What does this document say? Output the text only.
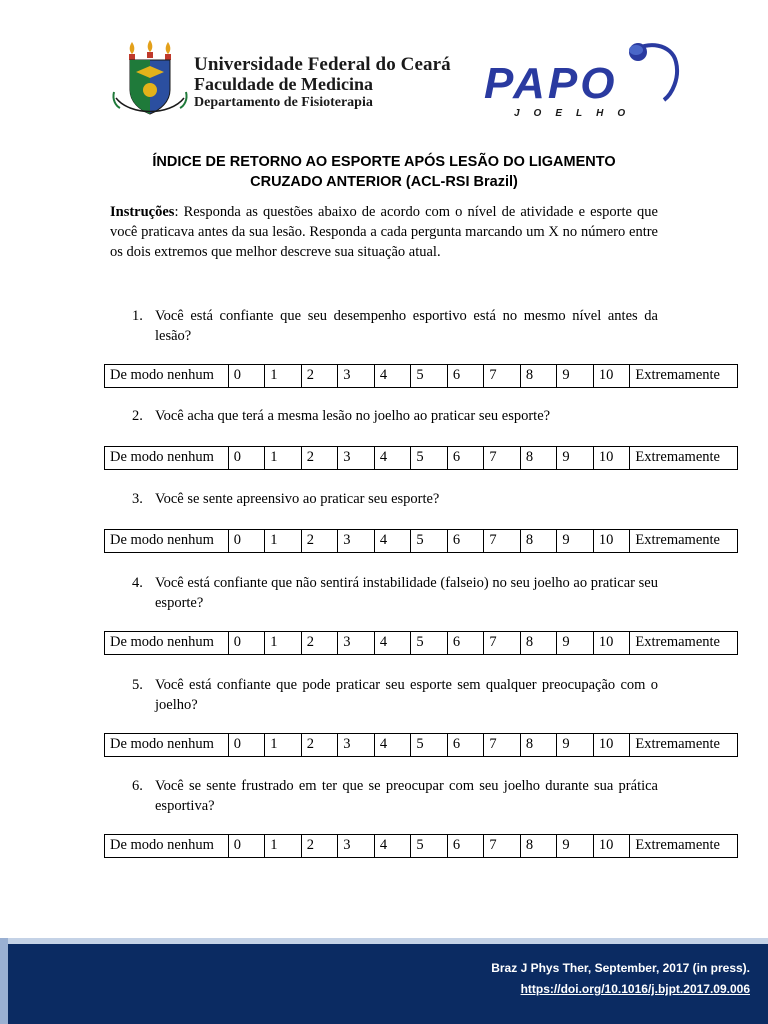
Universidade Federal do Ceará
Faculdade de Medicina
Departamento de Fisioterapia	PAPO
JOELHO
ÍNDICE DE RETORNO AO ESPORTE APÓS LESÃO DO LIGAMENTO
CRUZADO ANTERIOR (ACL-RSI Brazil)
Instruções: Responda as questões abaixo de acordo com o nível de atividade e esporte que você praticava antes da sua lesão. Responda a cada pergunta marcando um X no número entre os dois extremos que melhor descreve sua situação atual.
1. Você está confiante que seu desempenho esportivo está no mesmo nível antes da lesão?
De modo nenhum	0	1	2	3	4	5	6	7	8	9	10	Extremamente
2. Você acha que terá a mesma lesão no joelho ao praticar seu esporte?
De modo nenhum	0	1	2	3	4	5	6	7	8	9	10	Extremamente
3. Você se sente apreensivo ao praticar seu esporte?
De modo nenhum	0	1	2	3	4	5	6	7	8	9	10	Extremamente
4. Você está confiante que não sentirá instabilidade (falseio) no seu joelho ao praticar seu esporte?
De modo nenhum	0	1	2	3	4	5	6	7	8	9	10	Extremamente
5. Você está confiante que pode praticar seu esporte sem qualquer preocupação com o joelho?
De modo nenhum	0	1	2	3	4	5	6	7	8	9	10	Extremamente
6. Você se sente frustrado em ter que se preocupar com seu joelho durante sua prática esportiva?
De modo nenhum	0	1	2	3	4	5	6	7	8	9	10	Extremamente
Braz J Phys Ther, September, 2017 (in press).
https://doi.org/10.1016/j.bjpt.2017.09.006
